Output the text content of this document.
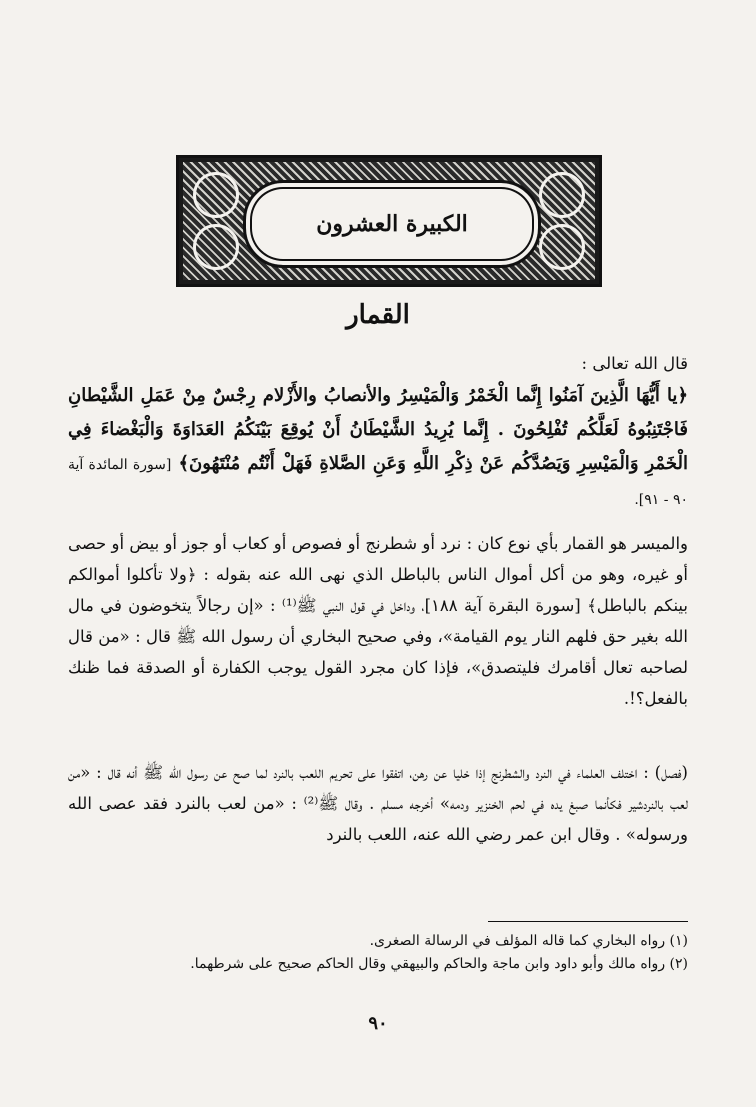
الكبيرة العشرون
القمار

قال الله تعالى :

﴿يا أَيُّهَا الَّذِينَ آمَنُوا إِنَّما الْخَمْرُ وَالْمَيْسِرُ والأنصابُ والأَزْلام رِجْسٌ مِنْ عَمَلِ الشَّيْطانِ فَاجْتَنِبُوهُ لَعَلَّكُم تُفْلِحُونَ . إِنَّما يُرِيدُ الشَّيْطَانُ أَنْ يُوقِعَ بَيْنَكُمُ العَدَاوَةَ وَالْبَغْضاءَ فِي الْخَمْرِ وَالْمَيْسِرِ وَيَصُدَّكُم عَنْ ذِكْرِ اللَّهِ وَعَنِ الصَّلاةِ فَهَلْ أَنْتُم مُنْتَهُونَ﴾ [سورة المائدة آية ٩٠ - ٩١].

والميسر هو القمار بأي نوع كان : نرد أو شطرنج أو فصوص أو كعاب أو جوز أو بيض أو حصى أو غيره، وهو من أكل أموال الناس بالباطل الذي نهى الله عنه بقوله : ﴿ولا تأكلوا أموالكم بينكم بالباطل﴾ [سورة البقرة آية ١٨٨]، وداخل في قول النبي ﷺ⁽¹⁾ : «إن رجالاً يتخوضون في مال الله بغير حق فلهم النار يوم القيامة»، وفي صحيح البخاري أن رسول الله ﷺ قال : «من قال لصاحبه تعال أقامرك فليتصدق»، فإذا كان مجرد القول يوجب الكفارة أو الصدقة فما ظنك بالفعل؟!.

(فصل) : اختلف العلماء في النرد والشطرنج إذا خليا عن رهن، اتفقوا على تحريم اللعب بالنرد لما صح عن رسول الله ﷺ أنه قال : «من لعب بالنردشير فكأنما صبغ يده في لحم الخنزير ودمه» أخرجه مسلم . وقال ﷺ⁽²⁾ : «من لعب بالنرد فقد عصى الله ورسوله» . وقال ابن عمر رضي الله عنه، اللعب بالنرد

(١) رواه البخاري كما قاله المؤلف في الرسالة الصغرى.

(٢) رواه مالك وأبو داود وابن ماجة والحاكم والبيهقي وقال الحاكم صحيح على شرطهما.

٩٠
